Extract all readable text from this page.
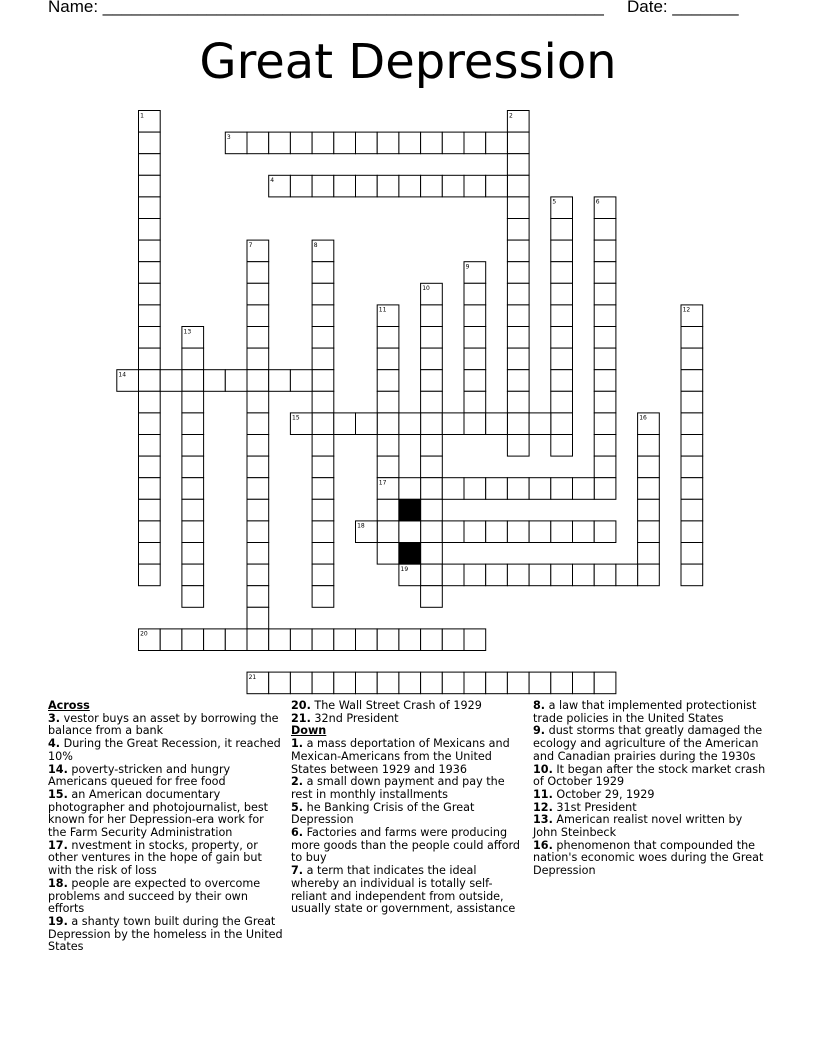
Name: _____________________________________________________ Date: _______
Great Depression
1	2
3
4
5	6
7	8
9
10
11	12
13
14
15	16
17
18
19
20
21
Across
3. vestor buys an asset by borrowing the balance from a bank
4. During the Great Recession, it reached 10%
14. poverty-stricken and hungry Americans queued for free food
15. an American documentary photographer and photojournalist, best known for her Depression-era work for the Farm Security Administration
17. nvestment in stocks, property, or other ventures in the hope of gain but with the risk of loss
18. people are expected to overcome problems and succeed by their own efforts
19. a shanty town built during the Great Depression by the homeless in the United States
20. The Wall Street Crash of 1929
21. 32nd President
Down
1. a mass deportation of Mexicans and Mexican-Americans from the United States between 1929 and 1936
2. a small down payment and pay the rest in monthly installments
5. he Banking Crisis of the Great Depression
6. Factories and farms were producing more goods than the people could afford to buy
7. a term that indicates the ideal whereby an individual is totally self-reliant and independent from outside, usually state or government, assistance
8. a law that implemented protectionist trade policies in the United States
9. dust storms that greatly damaged the ecology and agriculture of the American and Canadian prairies during the 1930s
10. It began after the stock market crash of October 1929
11. October 29, 1929
12. 31st President
13. American realist novel written by John Steinbeck
16. phenomenon that compounded the nation's economic woes during the Great Depression
